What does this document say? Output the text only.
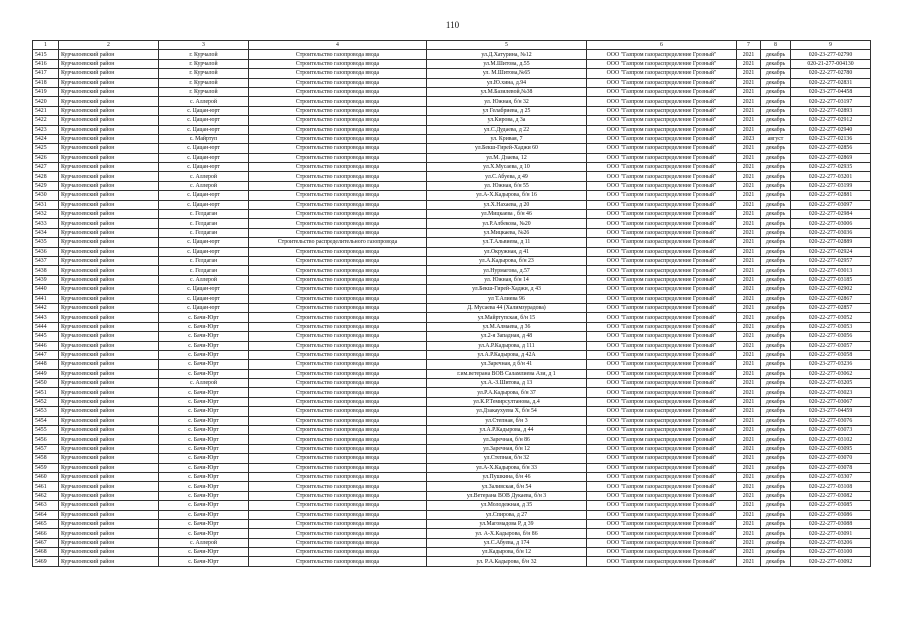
110
1	2	3	4	5	6	7	8	9
5415	Курчалоевский район	г. Курчалой	Строительство газопровода ввода	ул.Д.Хатурина, №12	ООО "Газпром газораспределение Грозный"	2021	декабрь	020-23-277-02790
5416	Курчалоевский район	г. Курчалой	Строительство газопровода ввода	ул.М.Шитова, д.55	ООО "Газпром газораспределение Грозный"	2021	декабрь	020-21-277-004130
5417	Курчалоевский район	г. Курчалой	Строительство газопровода ввода	ул. М.Шитова,№65	ООО "Газпром газораспределение Грозный"	2021	декабрь	020-22-277-02780
5418	Курчалоевский район	г. Курчалой	Строительство газопровода ввода	ул.Ю.хина, д.94	ООО "Газпром газораспределение Грозный"	2021	декабрь	020-22-277-02831
5419	Курчалоевский район	г. Курчалой	Строительство газопровода ввода	ул.М.Базилевой,№38	ООО "Газпром газораспределение Грозный"	2021	декабрь	020-23-277-04458
5420	Курчалоевский район	с. Аллерой	Строительство газопровода ввода	ул. Южная, б/н 32	ООО "Газпром газораспределение Грозный"	2021	декабрь	020-22-277-03197
5421	Курчалоевский район	с. Цацан-юрт	Строительство газопровода ввода	ул Гелабриева, д 25	ООО "Газпром газораспределение Грозный"	2021	декабрь	020-22-277-02893
5422	Курчалоевский район	с. Цацан-юрт	Строительство газопровода ввода	ул.Кирова, д 3а	ООО "Газпром газораспределение Грозный"	2021	декабрь	020-22-277-02912
5423	Курчалоевский район	с. Цацан-юрт	Строительство газопровода ввода	ул.С.Дудаева, д 22	ООО "Газпром газораспределение Грозный"	2021	декабрь	020-22-277-02940
5424	Курчалоевский район	с. Майртуп	Строительство газопровода ввода	ул. Кривая, 7	ООО "Газпром газораспределение Грозный"	2023	август	020-23-277-02136
5425	Курчалоевский район	с. Цацан-юрт	Строительство газопровода ввода	ул.Бекш-Гирей-Хаджи 60	ООО "Газпром газораспределение Грозный"	2021	декабрь	020-22-277-02856
5426	Курчалоевский район	с. Цацан-юрт	Строительство газопровода ввода	ул.М. Дзаева, 12	ООО "Газпром газораспределение Грозный"	2021	декабрь	020-22-277-02869
5427	Курчалоевский район	с. Цацан-юрт	Строительство газопровода ввода	ул.Х.Мусаева, д 10	ООО "Газпром газораспределение Грозный"	2021	декабрь	020-22-277-02935
5428	Курчалоевский район	с. Аллерой	Строительство газопровода ввода	ул.С.Абуева, д 49	ООО "Газпром газораспределение Грозный"	2021	декабрь	020-22-277-03201
5429	Курчалоевский район	с. Аллерой	Строительство газопровода ввода	ул. Южная, б/н 55	ООО "Газпром газораспределение Грозный"	2021	декабрь	020-22-277-03199
5430	Курчалоевский район	с. Цацан-юрт	Строительство газопровода ввода	ул.А-Х.Кадырова, б/н 16	ООО "Газпром газораспределение Грозный"	2021	декабрь	020-22-277-02881
5431	Курчалоевский район	с. Цацан-юрт	Строительство газопровода ввода	ул.Х.Нахаева, д 20	ООО "Газпром газораспределение Грозный"	2021	декабрь	020-22-277-03097
5432	Курчалоевский район	с. Гелдаган	Строительство газопровода ввода	ул.Мицкаева , б/н 46	ООО "Газпром газораспределение Грозный"	2021	декабрь	020-22-277-02984
5433	Курчалоевский район	с. Гелдаган	Строительство газопровода ввода	ул.Р.Албекова, №20	ООО "Газпром газораспределение Грозный"	2021	декабрь	020-22-277-03006
5434	Курчалоевский район	с. Гелдаган	Строительство газопровода ввода	ул.Мицкаева, №26	ООО "Газпром газораспределение Грозный"	2021	декабрь	020-22-277-03036
5435	Курчалоевский район	с. Цацан-юрт	Строительство распределительного газопровода	ул.Т.Альвиева, д 11	ООО "Газпром газораспределение Грозный"	2021	декабрь	020-22-277-02889
5436	Курчалоевский район	с. Цацан-юрт	Строительство газопровода ввода	ул.Окружная, д 41	ООО "Газпром газораспределение Грозный"	2021	декабрь	020-22-277-02924
5437	Курчалоевский район	с. Гелдаган	Строительство газопровода ввода	ул.А.Кадырова, б/н 23	ООО "Газпром газораспределение Грозный"	2021	декабрь	020-22-277-02957
5438	Курчалоевский район	с. Гелдаган	Строительство газопровода ввода	ул.Нурмагова, д.57	ООО "Газпром газораспределение Грозный"	2021	декабрь	020-22-277-03013
5439	Курчалоевский район	с. Аллерой	Строительство газопровода ввода	ул. Южная, б/н 14	ООО "Газпром газораспределение Грозный"	2021	декабрь	020-22-277-03185
5440	Курчалоевский район	с. Цацан-юрт	Строительство газопровода ввода	ул.Бекш-Гирей-Хаджи, д 43	ООО "Газпром газораспределение Грозный"	2021	декабрь	020-22-277-02902
5441	Курчалоевский район	с. Цацан-юрт	Строительство газопровода ввода	ул Т.Алиева 96	ООО "Газпром газораспределение Грозный"	2021	декабрь	020-22-277-02867
5442	Курчалоевский район	с. Цацан-юрт	Строительство газопровода ввода	Д. Мусаева 44 (Халимзурадова)	ООО "Газпром газораспределение Грозный"	2021	декабрь	020-22-277-02857
5443	Курчалоевский район	с. Бачи-Юрт	Строительство газопровода ввода	ул.Майртупская, б/н 15	ООО "Газпром газораспределение Грозный"	2021	декабрь	020-22-277-03052
5444	Курчалоевский район	с. Бачи-Юрт	Строительство газопровода ввода	ул.М.Алмаева, д 36	ООО "Газпром газораспределение Грозный"	2021	декабрь	020-22-277-03053
5445	Курчалоевский район	с. Бачи-Юрт	Строительство газопровода ввода	ул.2-я Западная, д 48	ООО "Газпром газораспределение Грозный"	2021	декабрь	020-22-277-03056
5446	Курчалоевский район	с. Бачи-Юрт	Строительство газопровода ввода	ул.А.Р.Кадырова, д 111	ООО "Газпром газораспределение Грозный"	2021	декабрь	020-22-277-03057
5447	Курчалоевский район	с. Бачи-Юрт	Строительство газопровода ввода	ул.А.Р.Кадырова, д 42А	ООО "Газпром газораспределение Грозный"	2021	декабрь	020-22-277-03058
5448	Курчалоевский район	с. Бачи-Юрт	Строительство газопровода ввода	ул.Заречная, д б/н 41	ООО "Газпром газораспределение Грозный"	2021	декабрь	020-23-277-03236
5449	Курчалоевский район	с. Бачи-Юрт	Строительство газопровода ввода	г.им.ветерана ВОВ Саламлиева Ази, д 1	ООО "Газпром газораспределение Грозный"	2021	декабрь	020-22-277-03062
5450	Курчалоевский район	с. Аллерой	Строительство газопровода ввода	ул.А.-З.Шитова, д 13	ООО "Газпром газораспределение Грозный"	2021	декабрь	020-22-277-03205
5451	Курчалоевский район	с. Бачи-Юрт	Строительство газопровода ввода	ул.Р.А.Кадырова, б/н 37	ООО "Газпром газораспределение Грозный"	2021	декабрь	020-22-277-03023
5452	Курчалоевский район	с. Бачи-Юрт	Строительство газопровода ввода	ул.К.Р.Темирсултанова, д.4	ООО "Газпром газораспределение Грозный"	2021	декабрь	020-22-277-03067
5453	Курчалоевский район	с. Бачи-Юрт	Строительство газопровода ввода	ул.Дзакаухуева Х, б/н 54	ООО "Газпром газораспределение Грозный"	2021	декабрь	020-23-277-04459
5454	Курчалоевский район	с. Бачи-Юрт	Строительство газопровода ввода	ул.Степная, б/н 3	ООО "Газпром газораспределение Грозный"	2021	декабрь	020-22-277-03076
5455	Курчалоевский район	с. Бачи-Юрт	Строительство газопровода ввода	ул.А.Р.Кадырова, д 44	ООО "Газпром газораспределение Грозный"	2021	декабрь	020-22-277-03073
5456	Курчалоевский район	с. Бачи-Юрт	Строительство газопровода ввода	ул.Заречная, б/н 86	ООО "Газпром газораспределение Грозный"	2021	декабрь	020-22-277-03102
5457	Курчалоевский район	с. Бачи-Юрт	Строительство газопровода ввода	ул.Заречная, б/н 12	ООО "Газпром газораспределение Грозный"	2021	декабрь	020-22-277-03095
5458	Курчалоевский район	с. Бачи-Юрт	Строительство газопровода ввода	ул.Степная, б/н 32	ООО "Газпром газораспределение Грозный"	2021	декабрь	020-22-277-03070
5459	Курчалоевский район	с. Бачи-Юрт	Строительство газопровода ввода	ул.А-Х.Кадырова, б/н 33	ООО "Газпром газораспределение Грозный"	2021	декабрь	020-22-277-03078
5460	Курчалоевский район	с. Бачи-Юрт	Строительство газопровода ввода	ул.Пушкина, б/н 46	ООО "Газпром газораспределение Грозный"	2021	декабрь	020-22-277-03307
5461	Курчалоевский район	с. Бачи-Юрт	Строительство газопровода ввода	ул.Заливская, б/н 54	ООО "Газпром газораспределение Грозный"	2021	декабрь	020-22-277-03108
5462	Курчалоевский район	с. Бачи-Юрт	Строительство газопровода ввода	ул.Ветерана ВОВ Дукаева, б/н 3	ООО "Газпром газораспределение Грозный"	2021	декабрь	020-22-277-03082
5463	Курчалоевский район	с. Бачи-Юрт	Строительство газопровода ввода	ул.Молодежная, д 35	ООО "Газпром газораспределение Грозный"	2021	декабрь	020-22-277-03085
5464	Курчалоевский район	с. Бачи-Юрт	Строительство газопровода ввода	ул.Спирова, д 27	ООО "Газпром газораспределение Грозный"	2021	декабрь	020-22-277-03086
5465	Курчалоевский район	с. Бачи-Юрт	Строительство газопровода ввода	ул.Магомадова Р, д 39	ООО "Газпром газораспределение Грозный"	2021	декабрь	020-22-277-03088
5466	Курчалоевский район	с. Бачи-Юрт	Строительство газопровода ввода	ул. А-Х.Кадырова, б/н 86	ООО "Газпром газораспределение Грозный"	2021	декабрь	020-22-277-03091
5467	Курчалоевский район	с. Аллерой	Строительство газопровода ввода	ул.С.Абуева, д 174	ООО "Газпром газораспределение Грозный"	2021	декабрь	020-22-277-03206
5468	Курчалоевский район	с. Бачи-Юрт	Строительство газопровода ввода	ул.Кадырова, б/н 12	ООО "Газпром газораспределение Грозный"	2021	декабрь	020-22-277-03100
5469	Курчалоевский район	с. Бачи-Юрт	Строительство газопровода ввода	ул. Р.А.Кадырова, б/н 32	ООО "Газпром газораспределение Грозный"	2021	декабрь	020-22-277-03092
